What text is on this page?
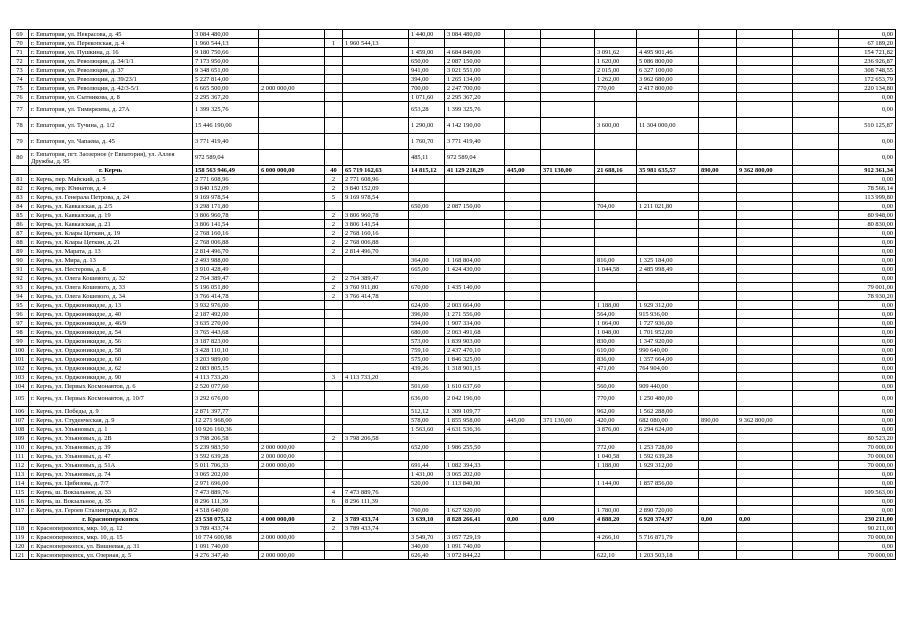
69	г. Евпатория, ул. Некрасова, д. 45	3 084 480,00				1 440,00	3 084 480,00								0,00
70	г. Евпатория, ул. Перекопская, д. 4	1 960 544,13		1	1 960 544,13										67 189,20
71	г. Евпатория, ул. Пушкина, д. 16	9 180 750,66				1 459,00	4 684 849,00			3 091,62	4 495 901,46				154 721,82
72	г. Евпатория, ул. Революции, д. 34/1/1	7 173 950,00				650,00	2 087 150,00			1 620,00	5 086 800,00				236 926,87
73	г. Евпатория, ул. Революции, д. 37	9 348 651,00				941,00	3 021 551,00			2 015,00	6 327 100,00				308 748,55
74	г. Евпатория, ул. Революции, д. 39/23/1	5 227 814,00				394,00	1 265 134,00			1 262,00	3 962 680,00				172 653,79
75	г. Евпатория, ул. Революции, д. 42/3-5/1	6 665 500,00	2 000 000,00			700,00	2 247 700,00			770,00	2 417 800,00				220 134,80
76	г. Евпатория, ул. Сытникова, д. 8	2 295 367,20				1 071,60	2 295 367,20								0,00
77	г. Евпатория, ул. Тимирязева, д. 27А	1 399 325,76				653,28	1 399 325,76								0,00
78	г. Евпатория, ул. Тучина, д. 1/2	15 446 190,00				1 290,00	4 142 190,00			3 600,00	11 304 000,00				510 125,87
79	г. Евпатория, ул. Чапаева, д. 45	3 771 419,40				1 760,70	3 771 419,40								0,00
80	г. Евпатория, пгт. Заозерное (г Евпатория), ул. Аллея Дружбы, д. 95	972 589,04				485,11	972 589,04								0,00
	г. Керчь	158 563 946,49	6 000 000,00	40	65 719 162,63	14 815,12	41 129 218,29	445,00	371 130,00	21 688,16	35 981 635,57	890,00	9 362 800,00		912 361,34
81	г. Керчь, пер. Майский, д. 5	2 771 608,96		2	2 771 608,96										0,00
82	г. Керчь, пер. Юннатов, д. 4	3 840 152,09		2	3 840 152,09										78 566,14
83	г. Керчь, ул. Генерала Петрова, д. 24	9 169 978,54		5	9 169 978,54										113 999,80
84	г. Керчь, ул. Кавказская, д. 2/5	3 298 171,80				650,00	2 087 150,00			704,00	1 211 021,80				0,00
85	г. Керчь, ул. Кавказская, д. 19	3 806 960,78		2	3 806 960,78										80 948,00
86	г. Керчь, ул. Кавказская, д. 21	3 806 141,54		2	3 806 141,54										80 830,00
87	г. Керчь, ул. Клары Цеткин, д. 19	2 768 160,16		2	2 768 160,16										0,00
88	г. Керчь, ул. Клары Цеткин, д. 21	2 768 006,88		2	2 768 006,88										0,00
89	г. Керчь, ул. Марата, д. 13	2 814 496,70		2	2 814 496,70										0,00
90	г. Керчь, ул. Мира, д. 13	2 493 988,00				364,00	1 168 804,00			816,00	1 325 184,00				0,00
91	г. Керчь, ул. Нестерова, д. 8	3 910 428,49				665,00	1 424 430,00			1 044,58	2 485 998,49				0,00
92	г. Керчь, ул. Олега Кошевого, д. 32	2 764 389,47		2	2 764 389,47										0,00
93	г. Керчь, ул. Олега Кошевого, д. 33	5 196 051,80		2	3 760 911,80	670,00	1 435 140,00								79 001,00
94	г. Керчь, ул. Олега Кошевого, д. 34	3 766 414,78		2	3 766 414,78										78 930,20
95	г. Керчь, ул. Орджоникидзе, д. 13	3 932 976,00				624,00	2 003 664,00			1 188,00	1 929 312,00				0,00
96	г. Керчь, ул. Орджоникидзе, д. 40	2 187 492,00				396,00	1 271 556,00			564,00	915 936,00				0,00
97	г. Керчь, ул. Орджоникидзе, д. 46/9	3 635 270,00				594,00	1 907 334,00			1 064,00	1 727 936,00				0,00
98	г. Керчь, ул. Орджоникидзе, д. 54	3 765 443,68				680,00	2 063 491,68			1 048,00	1 701 952,00				0,00
99	г. Керчь, ул. Орджоникидзе, д. 56	3 187 823,00				573,00	1 839 903,00			830,00	1 347 920,00				0,00
100	г. Керчь, ул. Орджоникидзе, д. 58	3 428 110,10				759,10	2 437 470,10			610,00	990 640,00				0,00
101	г. Керчь, ул. Орджоникидзе, д. 60	3 203 989,00				575,00	1 846 325,00			836,00	1 357 664,00				0,00
102	г. Керчь, ул. Орджоникидзе, д. 62	2 083 805,15				439,26	1 318 901,15			471,00	764 904,00				0,00
103	г. Керчь, ул. Орджоникидзе, д. 90	4 113 733,20		3	4 113 733,20										0,00
104	г. Керчь, ул. Первых Космонавтов, д. 6	2 520 077,60				501,60	1 610 637,60			560,00	909 440,00				0,00
105	г. Керчь, ул. Первых Космонавтов, д. 10/7	3 292 676,00				636,00	2 042 196,00			770,00	1 250 480,00				0,00
106	г. Керчь, ул. Победы, д. 9	2 871 397,77				512,12	1 309 109,77			962,00	1 562 288,00				0,00
107	г. Керчь, ул. Студенческая, д. 9	12 271 968,00				578,00	1 855 958,00	445,00	371 130,00	420,00	682 080,00	890,00	9 362 800,00		0,00
108	г. Керчь, ул. Ульяновых, д. 1	10 926 160,36				1 563,60	4 631 536,36			3 876,00	6 294 624,00				0,00
109	г. Керчь, ул. Ульяновых, д. 2В	3 798 206,58		2	3 798 206,58										80 523,20
110	г. Керчь, ул. Ульяновых, д. 39	5 239 983,50	2 000 000,00			652,00	1 986 255,50			772,00	1 253 728,00				70 000,00
111	г. Керчь, ул. Ульяновых, д. 47	3 592 639,28	2 000 000,00							1 040,58	1 592 639,28				70 000,00
112	г. Керчь, ул. Ульяновых, д. 51А	5 011 706,33	2 000 000,00			691,44	1 082 394,33			1 188,00	1 929 312,00				70 000,00
113	г. Керчь, ул. Ульяновых, д. 74	3 065 202,00				1 431,00	3 065 202,00								0,00
114	г. Керчь, ул. Цибизова, д. 7/7	2 971 696,00				520,00	1 113 840,00			1 144,00	1 857 856,00				0,00
115	г. Керчь, ш. Вокзальное, д. 33	7 473 889,76		4	7 473 889,76										109 563,00
116	г. Керчь, ш. Вокзальное, д. 35	8 296 111,39		6	8 296 111,39										0,00
117	г. Керчь, ул. Героев Сталинграда, д. 8/2	4 518 640,00				760,00	1 627 920,00			1 780,00	2 890 720,00				0,00
	г. Красноперекопск	23 538 075,12	4 000 000,00	2	3 789 433,74	3 639,10	8 828 266,41	0,00	0,00	4 888,20	6 920 374,97	0,00	0,00		230 211,00
118	г. Красноперекопск, мкр. 10, д. 12	3 789 433,74		2	3 789 433,74										90 211,00
119	г. Красноперекопск, мкр. 10, д. 15	10 774 600,98	2 000 000,00			3 549,70	3 057 729,19			4 266,10	5 716 871,79				70 000,00
120	г. Красноперекопск, ул. Вишневая, д. 31	1 091 740,00				340,00	1 091 740,00								0,00
121	г. Красноперекопск, ул. Озерная, д. 5	4 276 347,40	2 000 000,00			626,40	3 072 844,22			622,10	1 203 503,18				70 000,00
